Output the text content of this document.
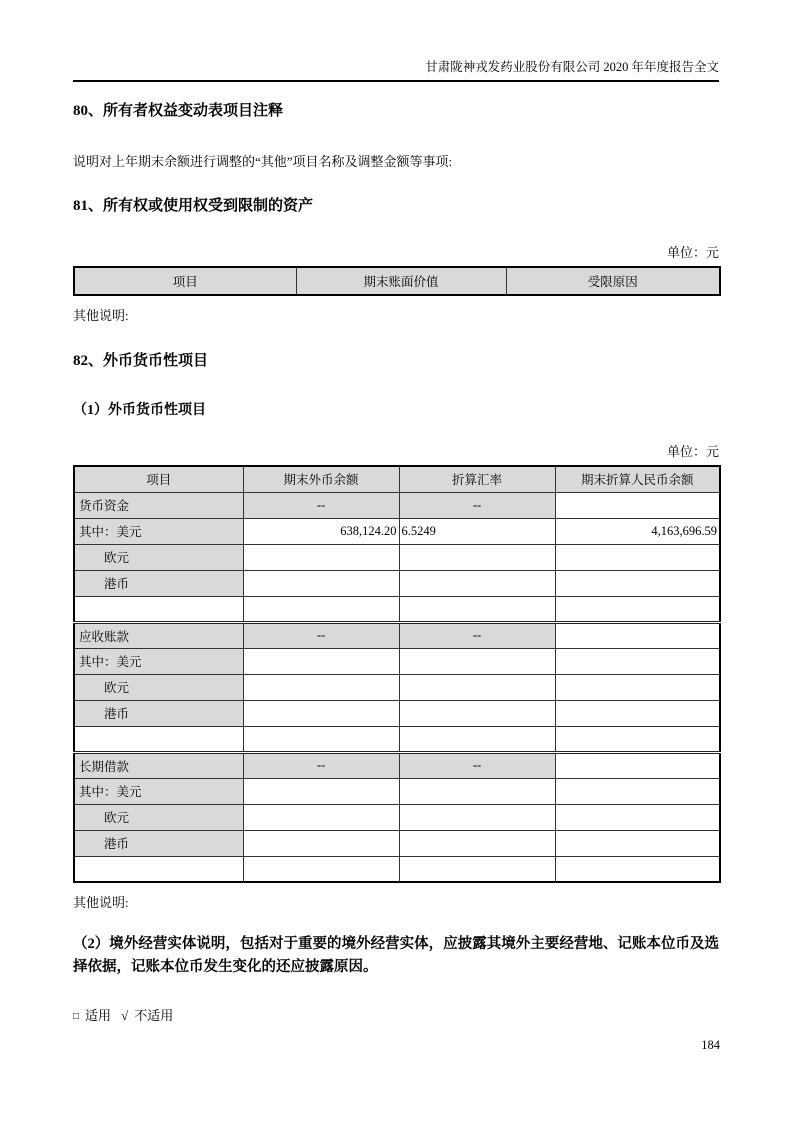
甘肃陇神戎发药业股份有限公司 2020 年年度报告全文
80、所有者权益变动表项目注释
说明对上年期末余额进行调整的“其他”项目名称及调整金额等事项:
81、所有权或使用权受到限制的资产
单位：元
项目	期末账面价值	受限原因
其他说明:
82、外币货币性项目
（1）外币货币性项目
单位：元
项目	期末外币余额	折算汇率	期末折算人民币余额
货币资金	--	--	
其中：美元	638,124.20	6.5249	4,163,696.59
　　欧元			
　　港币			

应收账款	--	--	
其中：美元			
　　欧元			
　　港币			

长期借款	--	--	
其中：美元			
　　欧元			
　　港币			

其他说明:
（2）境外经营实体说明，包括对于重要的境外经营实体，应披露其境外主要经营地、记账本位币及选择依据，记账本位币发生变化的还应披露原因。
□ 适用 √ 不适用
184
